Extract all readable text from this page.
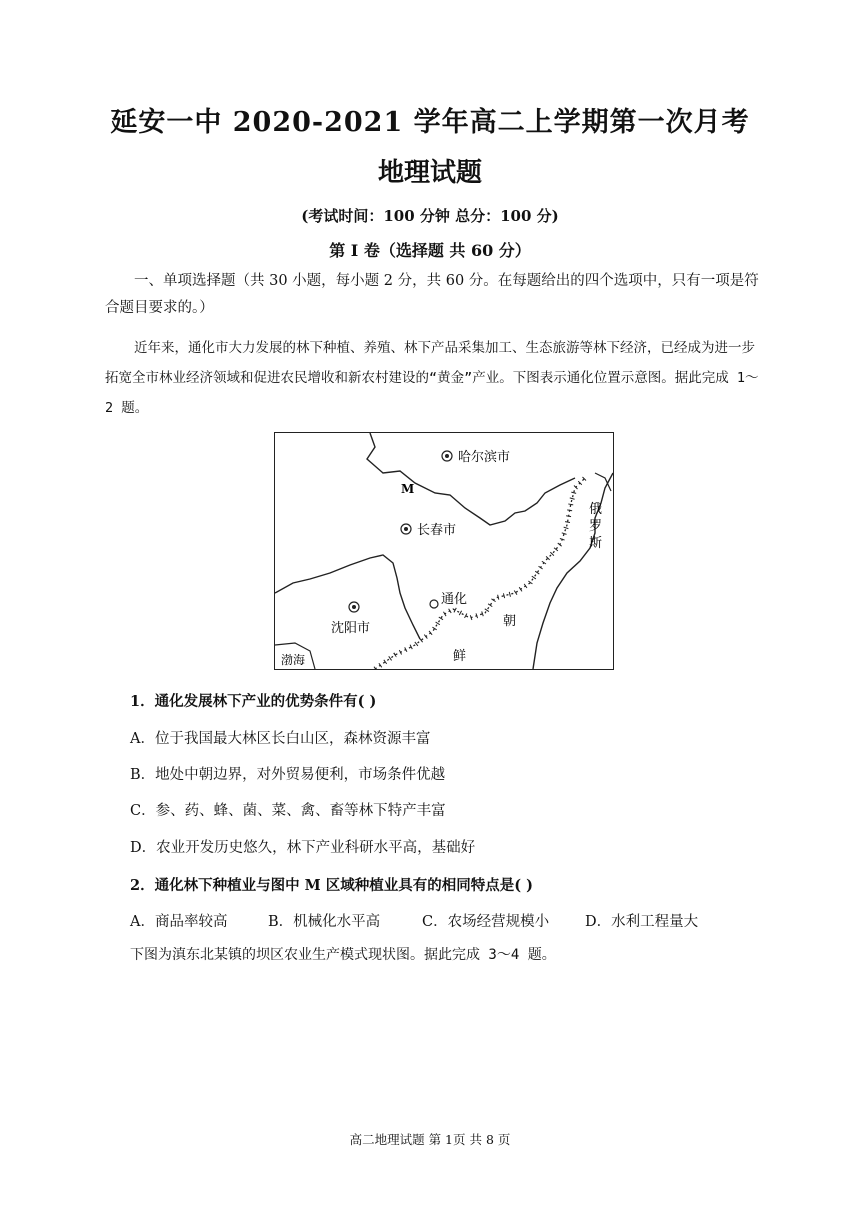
延安一中 2020-2021 学年高二上学期第一次月考
地理试题
(考试时间：100 分钟 总分：100 分)
第 I 卷（选择题 共 60 分）
一、单项选择题（共 30 小题，每小题 2 分，共 60 分。在每题给出的四个选项中，只有一项是符合题目要求的。）
近年来，通化市大力发展的林下种植、养殖、林下产品采集加工、生态旅游等林下经济，已经成为进一步拓宽全市林业经济领域和促进农民增收和新农村建设的“黄金”产业。下图表示通化位置示意图。据此完成 1～2 题。
哈尔滨市
M
长春市
沈阳市
通化
朝
鲜
渤海
俄罗斯
1．通化发展林下产业的优势条件有( )
A．位于我国最大林区长白山区，森林资源丰富
B．地处中朝边界，对外贸易便利，市场条件优越
C．参、药、蜂、菌、菜、禽、畜等林下特产丰富
D．农业开发历史悠久，林下产业科研水平高，基础好
2．通化林下种植业与图中 M 区域种植业具有的相同特点是( )
A．商品率较高	B．机械化水平高	C．农场经营规模小 D．水利工程量大
下图为滇东北某镇的坝区农业生产模式现状图。据此完成 3～4 题。
高二地理试题 第 1页 共 8 页
